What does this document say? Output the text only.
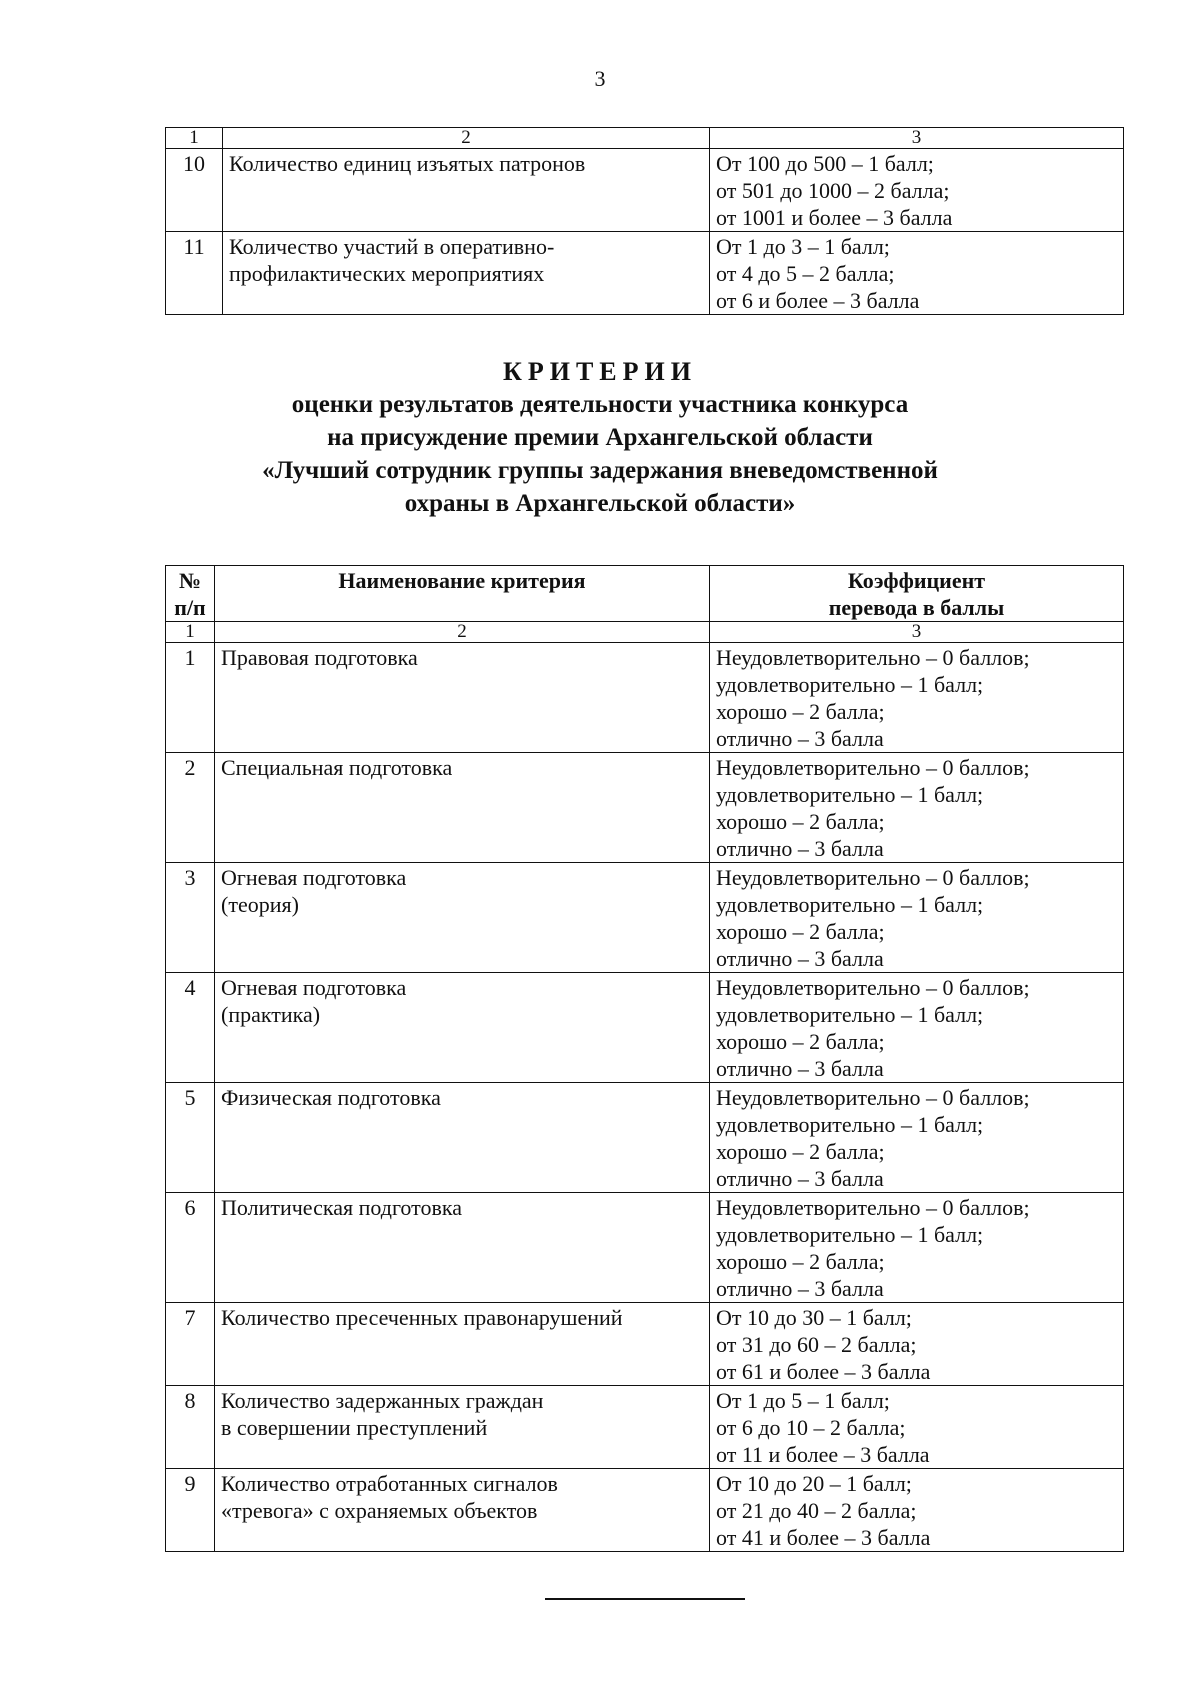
3
1	2	3
10	Количество единиц изъятых патронов	От 100 до 500 – 1 балл;
от 501 до 1000 – 2 балла;
от 1001 и более – 3 балла

11	Количество участий в оперативно-
профилактических мероприятиях	От 1 до 3 – 1 балл;
от 4 до 5 – 2 балла;
от 6 и более – 3 балла
КРИТЕРИИ
оценки результатов деятельности участника конкурса
на присуждение премии Архангельской области
«Лучший сотрудник группы задержания вневедомственной
охраны в Архангельской области»
№
п/п	Наименование критерия	Коэффициент
перевода в баллы

1	2	3
1	Правовая подготовка	Неудовлетворительно – 0 баллов;
удовлетворительно – 1 балл;
хорошо – 2 балла;
отлично – 3 балла

2	Специальная подготовка	Неудовлетворительно – 0 баллов;
удовлетворительно – 1 балл;
хорошо – 2 балла;
отлично – 3 балла

3	Огневая подготовка
(теория)	Неудовлетворительно – 0 баллов;
удовлетворительно – 1 балл;
хорошо – 2 балла;
отлично – 3 балла

4	Огневая подготовка
(практика)	Неудовлетворительно – 0 баллов;
удовлетворительно – 1 балл;
хорошо – 2 балла;
отлично – 3 балла

5	Физическая подготовка	Неудовлетворительно – 0 баллов;
удовлетворительно – 1 балл;
хорошо – 2 балла;
отлично – 3 балла

6	Политическая подготовка	Неудовлетворительно – 0 баллов;
удовлетворительно – 1 балл;
хорошо – 2 балла;
отлично – 3 балла

7	Количество пресеченных правонарушений	От 10 до 30 – 1 балл;
от 31 до 60 – 2 балла;
от 61 и более – 3 балла

8	Количество задержанных граждан
в совершении преступлений	От 1 до 5 – 1 балл;
от 6 до 10 – 2 балла;
от 11 и более – 3 балла

9	Количество отработанных сигналов
«тревога» с охраняемых объектов	От 10 до 20 – 1 балл;
от 21 до 40 – 2 балла;
от 41 и более – 3 балла
